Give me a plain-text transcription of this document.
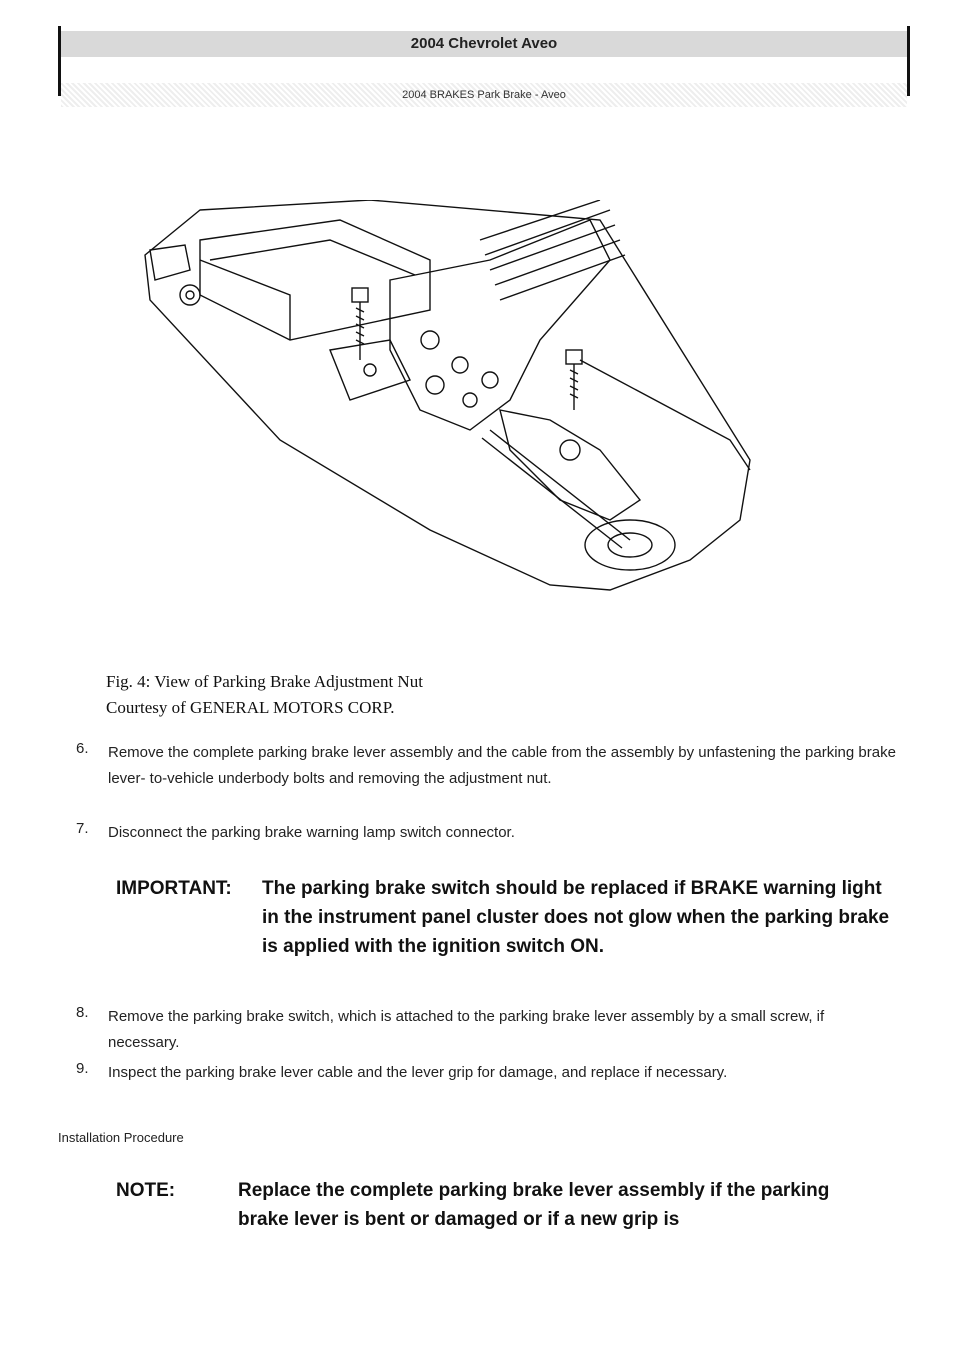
2004 Chevrolet Aveo
2004 BRAKES Park Brake - Aveo
Fig. 4: View of Parking Brake Adjustment Nut
Courtesy of GENERAL MOTORS CORP.
6. Remove the complete parking brake lever assembly and the cable from the assembly by unfastening the parking brake lever- to-vehicle underbody bolts and removing the adjustment nut.
7. Disconnect the parking brake warning lamp switch connector.
IMPORTANT: The parking brake switch should be replaced if BRAKE warning light in the instrument panel cluster does not glow when the parking brake is applied with the ignition switch ON.
8. Remove the parking brake switch, which is attached to the parking brake lever assembly by a small screw, if necessary.
9. Inspect the parking brake lever cable and the lever grip for damage, and replace if necessary.
Installation Procedure
NOTE:	Replace the complete parking brake lever assembly if the parking brake lever is bent or damaged or if a new grip is
